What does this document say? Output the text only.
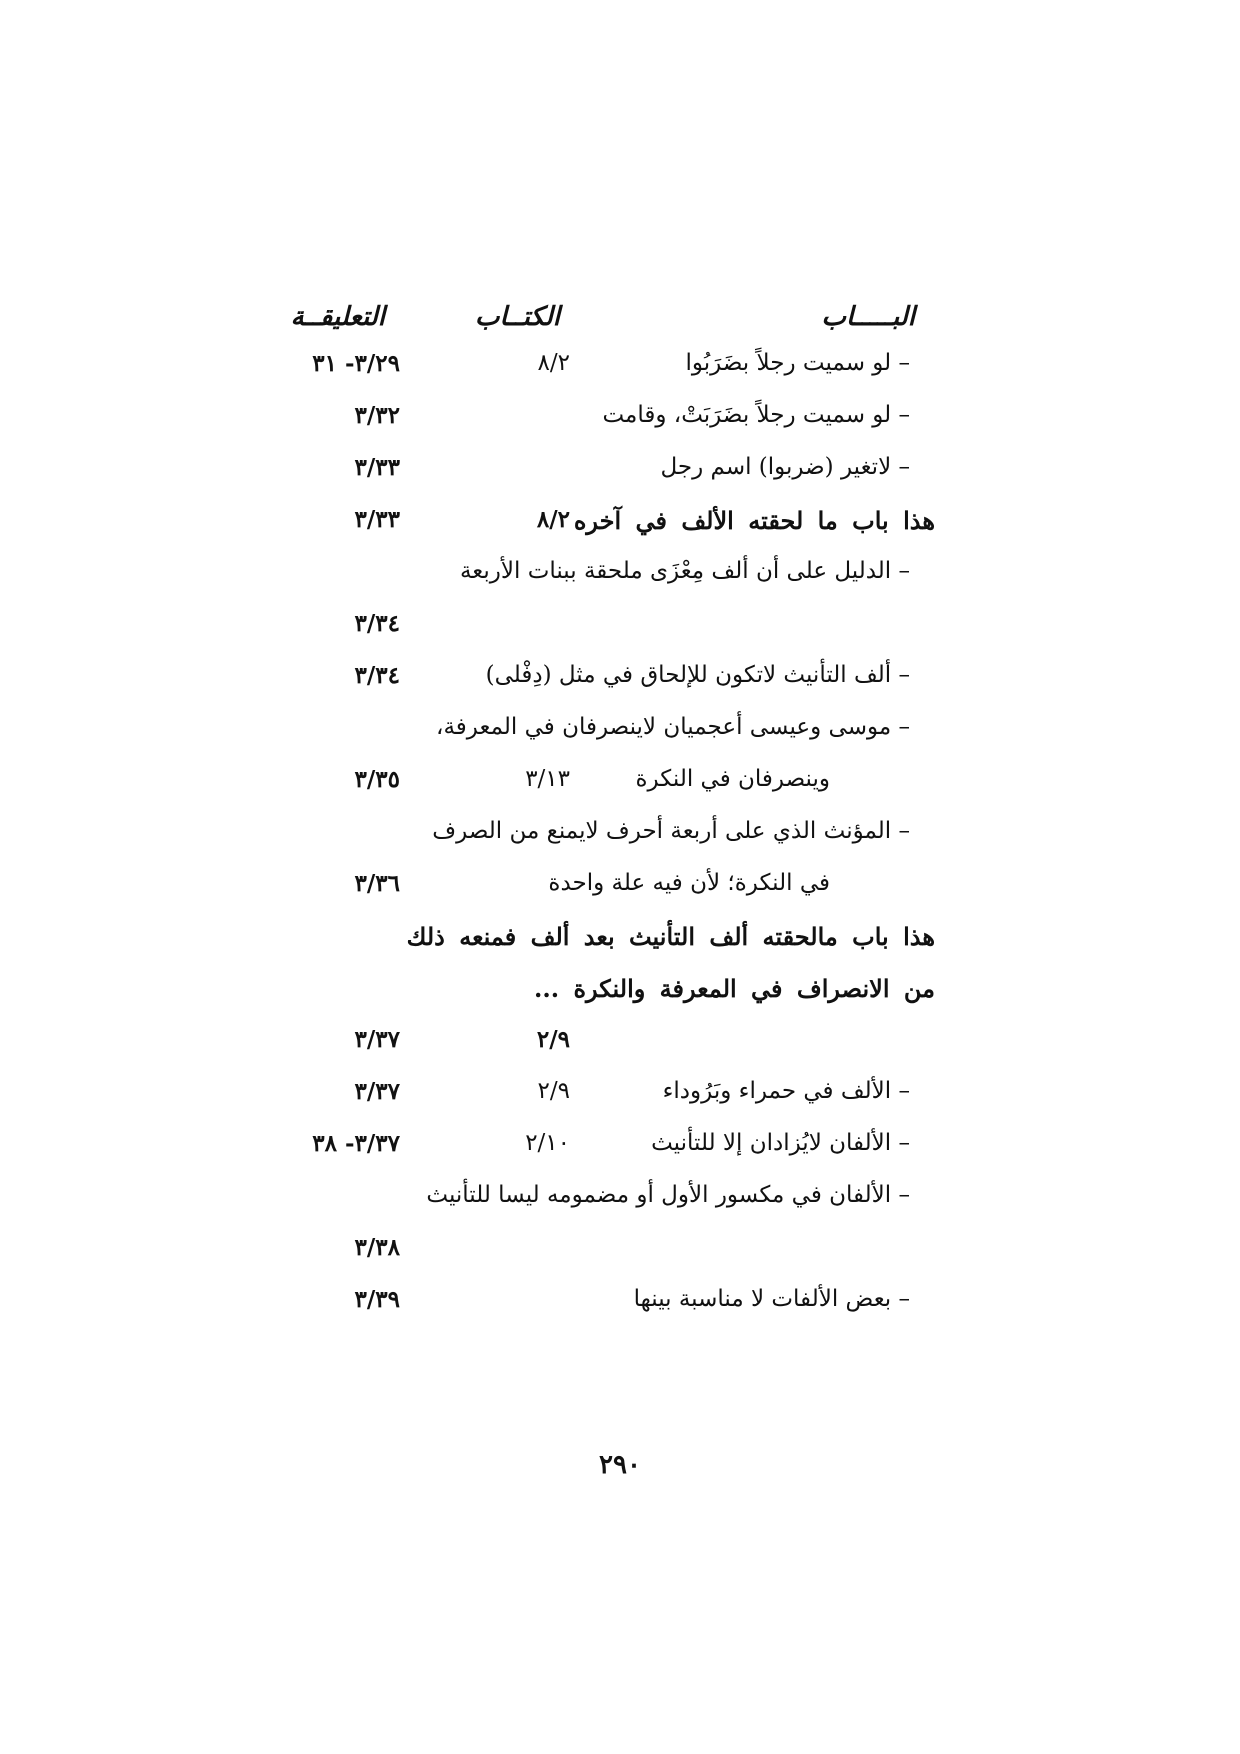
البـــــاب
الكتــاب
التعليقــة
– لو سميت رجلاً بضَرَبُوا
٨/٢
٣/٢٩- ٣١
– لو سميت رجلاً بضَرَبَتْ، وقامت
٣/٣٢
– لاتغير (ضربوا) اسم رجل
٣/٣٣
هذا باب ما لحقته الألف في آخره
٨/٢
٣/٣٣
– الدليل على أن ألف مِعْزَى ملحقة ببنات الأربعة
٣/٣٤
– ألف التأنيث لاتكون للإلحاق في مثل (دِفْلى)
٣/٣٤
– موسى وعيسى أعجميان لاينصرفان في المعرفة،
وينصرفان في النكرة
٣/١٣
٣/٣٥
– المؤنث الذي على أربعة أحرف لايمنع من الصرف
في النكرة؛ لأن فيه علة واحدة
٣/٣٦
هذا باب مالحقته ألف التأنيث بعد ألف فمنعه ذلك
من الانصراف في المعرفة والنكرة ...
٢/٩
٣/٣٧
– الألف في حمراء وبَرُوداء
٢/٩
٣/٣٧
– الألفان لايُزادان إلا للتأنيث
٢/١٠
٣/٣٧- ٣٨
– الألفان في مكسور الأول أو مضمومه ليسا للتأنيث
٣/٣٨
– بعض الألفات لا مناسبة بينها
٣/٣٩
٢٩٠
